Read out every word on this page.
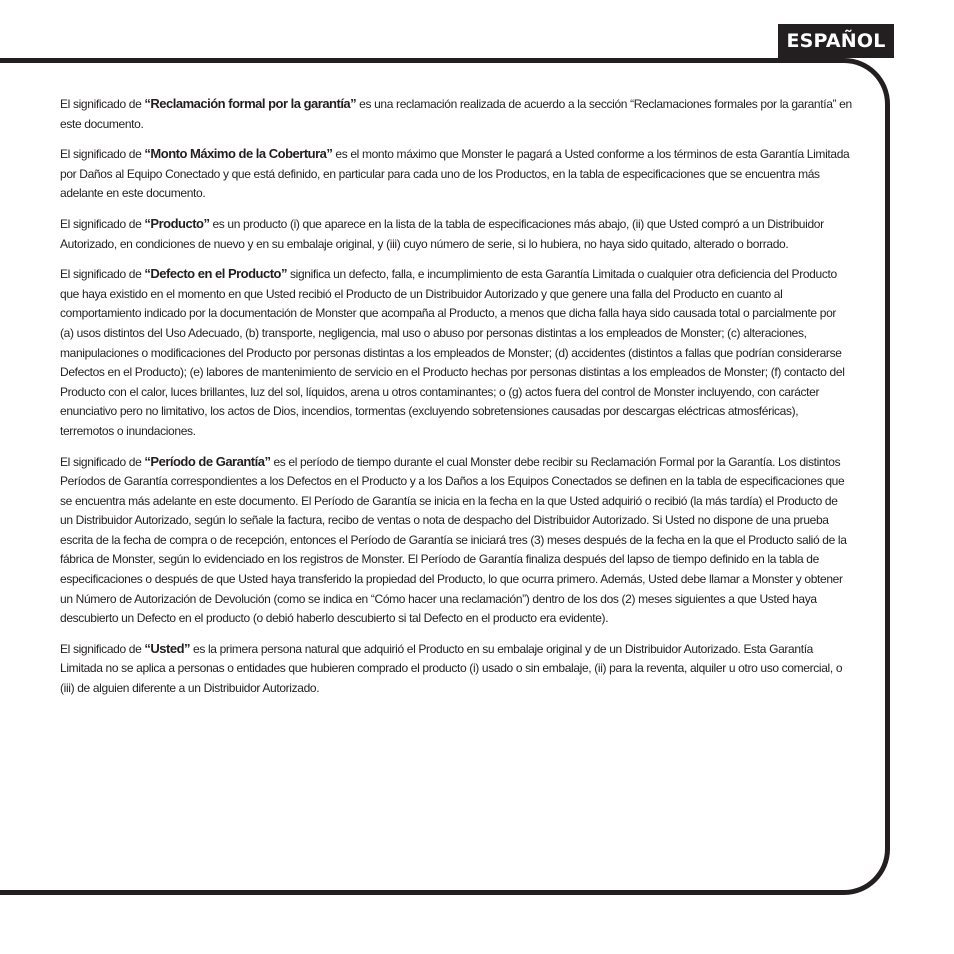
ESPAÑOL

El significado de “Reclamación formal por la garantía” es una reclamación realizada de acuerdo a la sección “Reclamaciones formales por la garantía” en este documento.

El significado de “Monto Máximo de la Cobertura” es el monto máximo que Monster le pagará a Usted conforme a los términos de esta Garantía Limitada por Daños al Equipo Conectado y que está definido, en particular para cada uno de los Productos, en la tabla de especificaciones que se encuentra más adelante en este documento.

El significado de “Producto” es un producto (i) que aparece en la lista de la tabla de especificaciones más abajo, (ii) que Usted compró a un Distribuidor Autorizado, en condiciones de nuevo y en su embalaje original, y (iii) cuyo número de serie, si lo hubiera, no haya sido quitado, alterado o borrado.

El significado de “Defecto en el Producto” significa un defecto, falla, e incumplimiento de esta Garantía Limitada o cualquier otra deficiencia del Producto que haya existido en el momento en que Usted recibió el Producto de un Distribuidor Autorizado y que genere una falla del Producto en cuanto al comportamiento indicado por la documentación de Monster que acompaña al Producto, a menos que dicha falla haya sido causada total o parcialmente por (a) usos distintos del Uso Adecuado, (b) transporte, negligencia, mal uso o abuso por personas distintas a los empleados de Monster; (c) alteraciones, manipulaciones o modificaciones del Producto por personas distintas a los empleados de Monster; (d) accidentes (distintos a fallas que podrían considerarse Defectos en el Producto); (e) labores de mantenimiento de servicio en el Producto hechas por personas distintas a los empleados de Monster; (f) contacto del Producto con el calor, luces brillantes, luz del sol, líquidos, arena u otros contaminantes; o (g) actos fuera del control de Monster incluyendo, con carácter enunciativo pero no limitativo, los actos de Dios, incendios, tormentas (excluyendo sobretensiones causadas por descargas eléctricas atmosféricas), terremotos o inundaciones.

El significado de “Período de Garantía” es el período de tiempo durante el cual Monster debe recibir su Reclamación Formal por la Garantía. Los distintos Períodos de Garantía correspondientes a los Defectos en el Producto y a los Daños a los Equipos Conectados se definen en la tabla de especificaciones que se encuentra más adelante en este documento. El Período de Garantía se inicia en la fecha en la que Usted adquirió o recibió (la más tardía) el Producto de un Distribuidor Autorizado, según lo señale la factura, recibo de ventas o nota de despacho del Distribuidor Autorizado. Si Usted no dispone de una prueba escrita de la fecha de compra o de recepción, entonces el Período de Garantía se iniciará tres (3) meses después de la fecha en la que el Producto salió de la fábrica de Monster, según lo evidenciado en los registros de Monster. El Período de Garantía finaliza después del lapso de tiempo definido en la tabla de especificaciones o después de que Usted haya transferido la propiedad del Producto, lo que ocurra primero. Además, Usted debe llamar a Monster y obtener un Número de Autorización de Devolución (como se indica en “Cómo hacer una reclamación”) dentro de los dos (2) meses siguientes a que Usted haya descubierto un Defecto en el producto (o debió haberlo descubierto si tal Defecto en el producto era evidente).

El significado de “Usted” es la primera persona natural que adquirió el Producto en su embalaje original y de un Distribuidor Autorizado. Esta Garantía Limitada no se aplica a personas o entidades que hubieren comprado el producto (i) usado o sin embalaje, (ii) para la reventa, alquiler u otro uso comercial, o (iii) de alguien diferente a un Distribuidor Autorizado.
